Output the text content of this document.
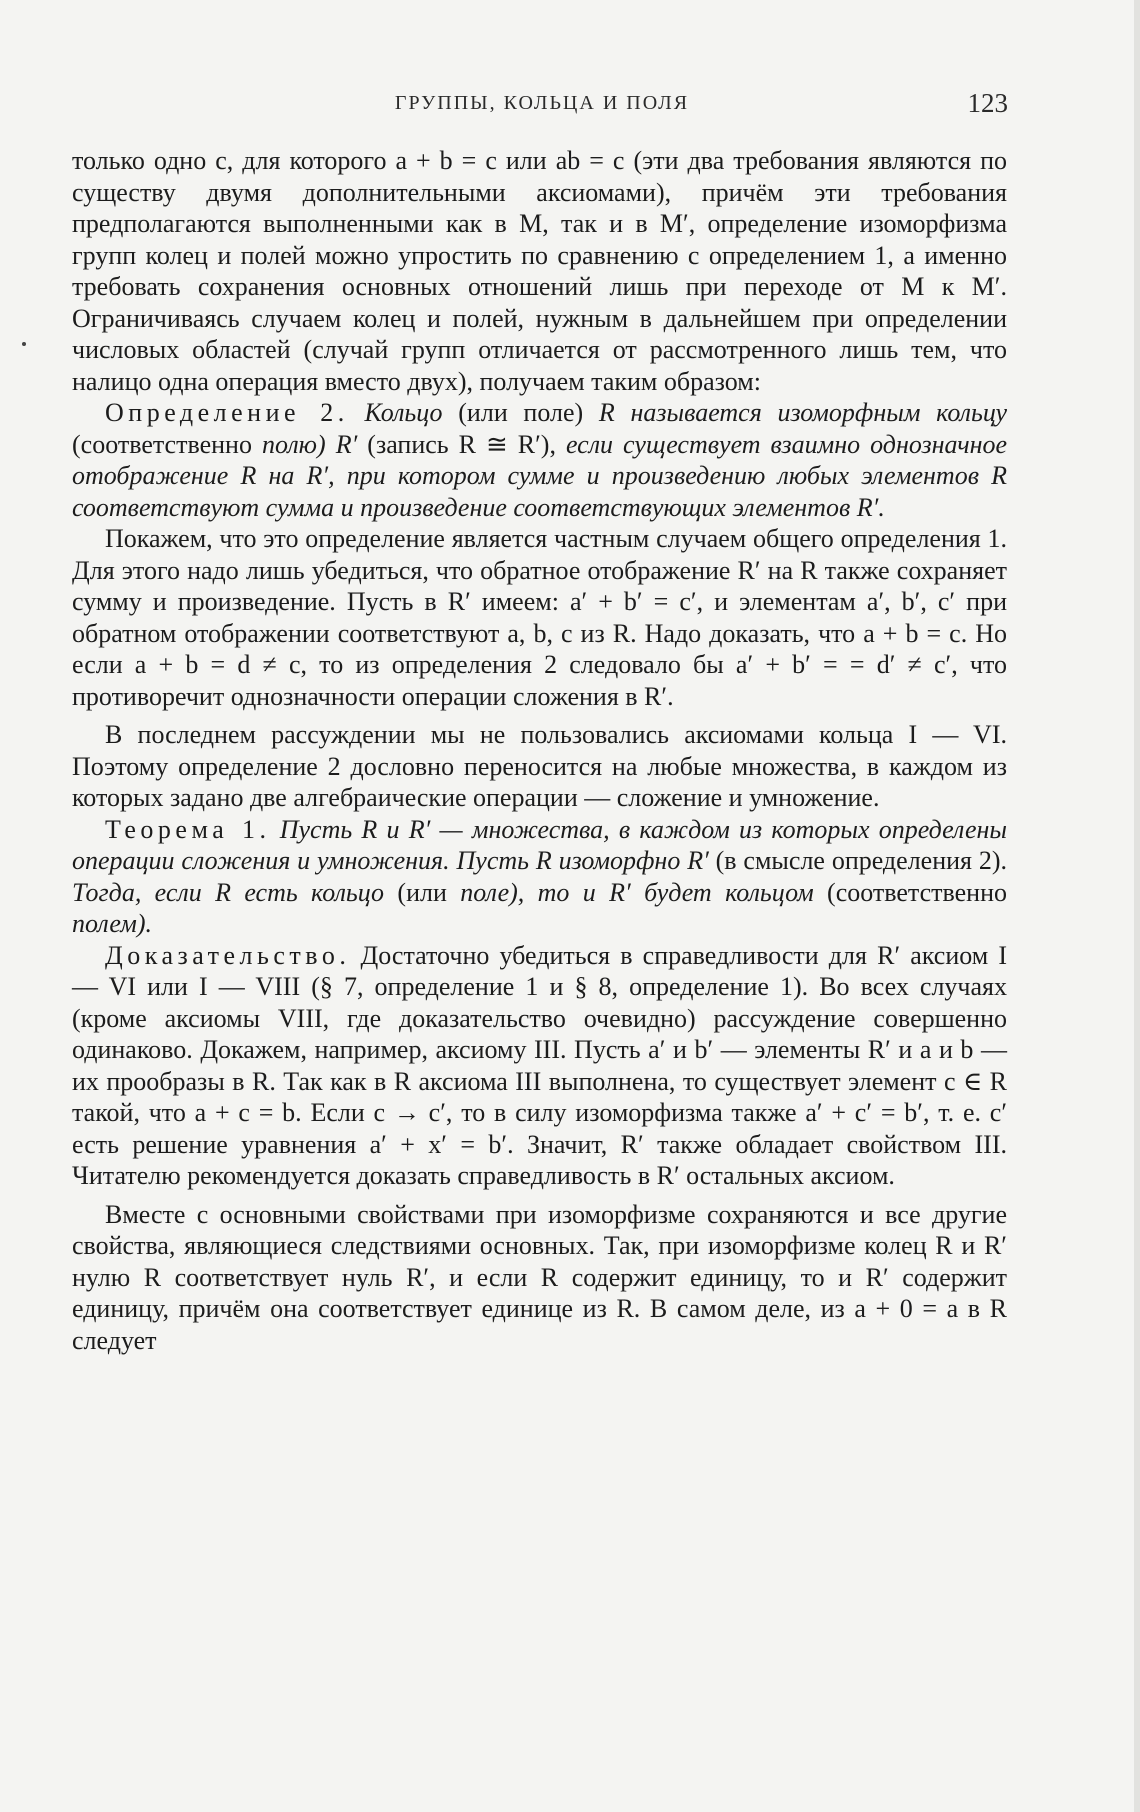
ГРУППЫ, КОЛЬЦА И ПОЛЯ	123

только одно c, для которого a + b = c или ab = c (эти два требования являются по существу двумя дополнительными аксиомами), причём эти требования предполагаются выполненными как в M, так и в M′, определение изоморфизма групп колец и полей можно упростить по сравнению с определением 1, а именно требовать сохранения основных отношений лишь при переходе от M к M′. Ограничиваясь случаем колец и полей, нужным в дальнейшем при определении числовых областей (случай групп отличается от рассмотренного лишь тем, что налицо одна операция вместо двух), получаем таким образом:

Определение 2. Кольцо (или поле) R называется изоморфным кольцу (соответственно полю) R′ (запись R ≅ R′), если существует взаимно однозначное отображение R на R′, при котором сумме и произведению любых элементов R соответствуют сумма и произведение соответствующих элементов R′.

Покажем, что это определение является частным случаем общего определения 1. Для этого надо лишь убедиться, что обратное отображение R′ на R также сохраняет сумму и произведение. Пусть в R′ имеем: a′ + b′ = c′, и элементам a′, b′, c′ при обратном отображении соответствуют a, b, c из R. Надо доказать, что a + b = c. Но если a + b = d ≠ c, то из определения 2 следовало бы a′ + b′ = = d′ ≠ c′, что противоречит однозначности операции сложения в R′.

В последнем рассуждении мы не пользовались аксиомами кольца I — VI. Поэтому определение 2 дословно переносится на любые множества, в каждом из которых задано две алгебраические операции — сложение и умножение.

Теорема 1. Пусть R и R′ — множества, в каждом из которых определены операции сложения и умножения. Пусть R изоморфно R′ (в смысле определения 2). Тогда, если R есть кольцо (или поле), то и R′ будет кольцом (соответственно полем).

Доказательство. Достаточно убедиться в справедливости для R′ аксиом I — VI или I — VIII (§ 7, определение 1 и § 8, определение 1). Во всех случаях (кроме аксиомы VIII, где доказательство очевидно) рассуждение совершенно одинаково. Докажем, например, аксиому III. Пусть a′ и b′ — элементы R′ и a и b — их прообразы в R. Так как в R аксиома III выполнена, то существует элемент c ∈ R такой, что a + c = b. Если c → c′, то в силу изоморфизма также a′ + c′ = b′, т. е. c′ есть решение уравнения a′ + x′ = b′. Значит, R′ также обладает свойством III. Читателю рекомендуется доказать справедливость в R′ остальных аксиом.

Вместе с основными свойствами при изоморфизме сохраняются и все другие свойства, являющиеся следствиями основных. Так, при изоморфизме колец R и R′ нулю R соответствует нуль R′, и если R содержит единицу, то и R′ содержит единицу, причём она соответствует единице из R. В самом деле, из a + 0 = a в R следует
